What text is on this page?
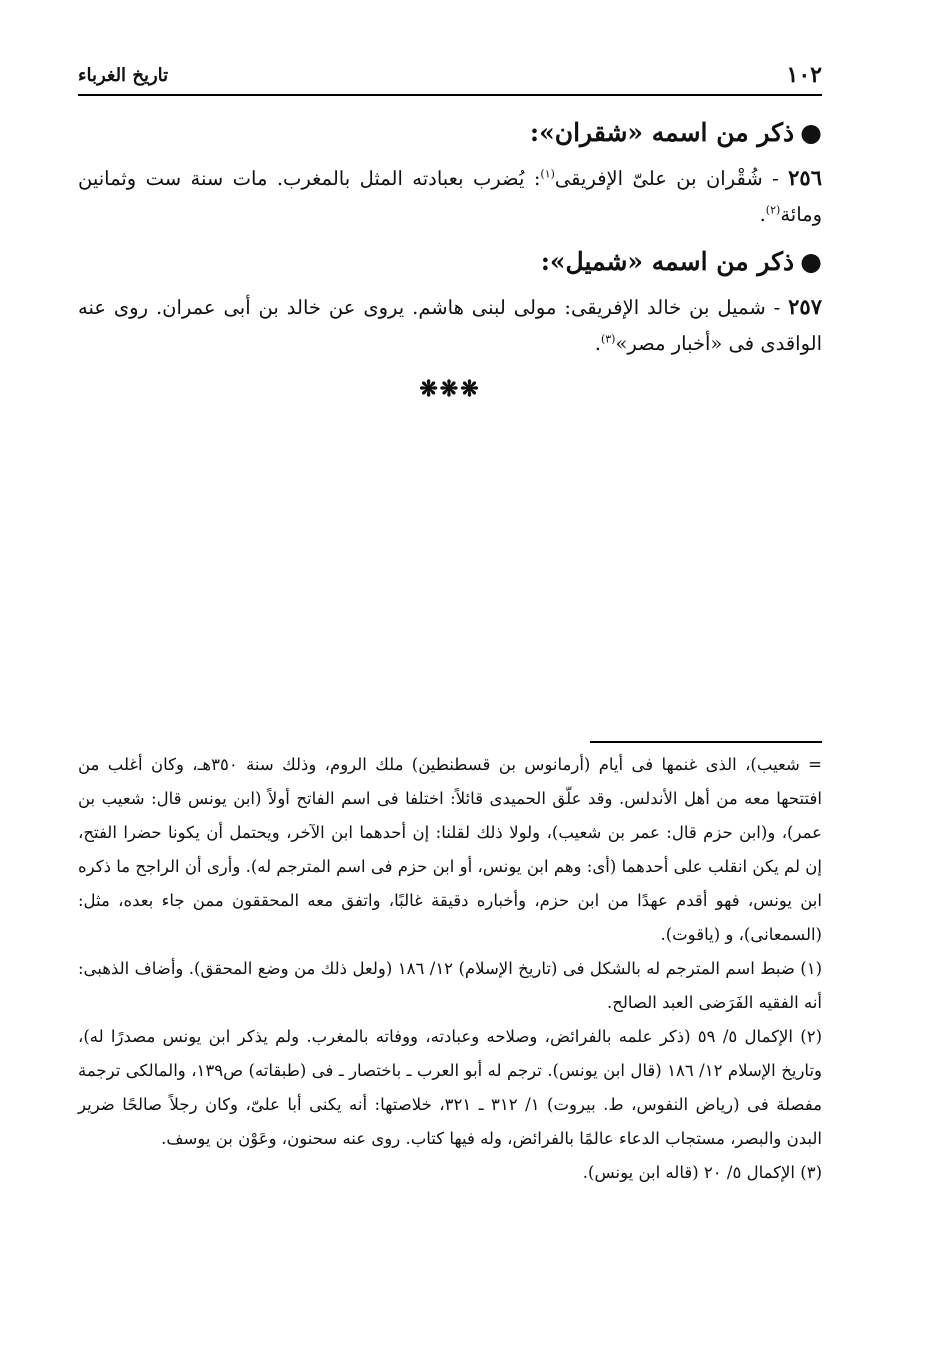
١٠٢
تاريخ الغرباء
●ذكر من اسمه «شقران»:

٢٥٦ - شُقْران بن علىّ الإفريقى$^{(١)}$: يُضرب بعبادته المثل بالمغرب. مات سنة ست وثمانين ومائة$^{(٢)}$.

●ذكر من اسمه «شميل»:

٢٥٧ - شميل بن خالد الإفريقى: مولى لبنى هاشم. يروى عن خالد بن أبى عمران. روى عنه الواقدى فى «أخبار مصر»$^{(٣)}$.

❋❋❋
= شعيب)، الذى غنمها فى أيام (أرمانوس بن قسطنطين) ملك الروم، وذلك سنة ٣٥٠هـ، وكان أغلب من افتتحها معه من أهل الأندلس. وقد علّق الحميدى قائلاً: اختلفا فى اسم الفاتح أولاً (ابن يونس قال: شعيب بن عمر)، و(ابن حزم قال: عمر بن شعيب)، ولولا ذلك لقلنا: إن أحدهما ابن الآخر، ويحتمل أن يكونا حضرا الفتح، إن لم يكن انقلب على أحدهما (أى: وهم ابن يونس، أو ابن حزم فى اسم المترجم له). وأرى أن الراجح ما ذكره ابن يونس، فهو أقدم عهدًا من ابن حزم، وأخباره دقيقة غالبًا، واتفق معه المحققون ممن جاء بعده، مثل: (السمعانى)، و (ياقوت).
(١) ضبط اسم المترجم له بالشكل فى (تاريخ الإسلام) ١٢/ ١٨٦ (ولعل ذلك من وضع المحقق). وأضاف الذهبى: أنه الفقيه الفَرَضى العبد الصالح.
(٢) الإكمال ٥/ ٥٩ (ذكر علمه بالفرائض، وصلاحه وعبادته، ووفاته بالمغرب. ولم يذكر ابن يونس مصدرًا له)، وتاريخ الإسلام ١٢/ ١٨٦ (قال ابن يونس). ترجم له أبو العرب ـ باختصار ـ فى (طبقاته) ص١٣٩، والمالكى ترجمة مفصلة فى (رياض النفوس، ط. بيروت) ١/ ٣١٢ ـ ٣٢١، خلاصتها: أنه يكنى أبا علىّ، وكان رجلاً صالحًا ضرير البدن والبصر، مستجاب الدعاء عالمًا بالفرائض، وله فيها كتاب. روى عنه سحنون، وعَوْن بن يوسف.
(٣) الإكمال ٥/ ٢٠ (قاله ابن يونس).
